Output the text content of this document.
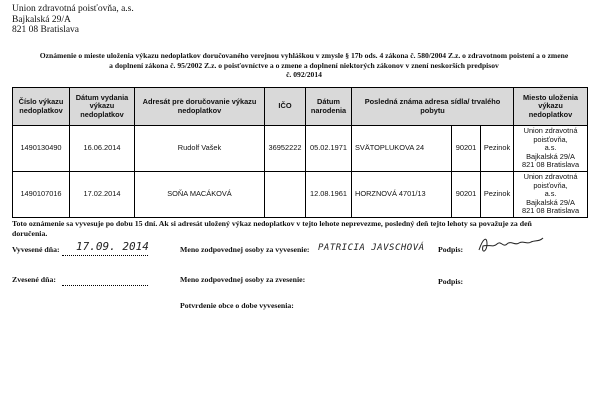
Union zdravotná poisťovňa, a.s.
Bajkalská 29/A
821 08 Bratislava
Oznámenie o mieste uloženia výkazu nedoplatkov doručovaného verejnou vyhláškou v zmysle § 17b ods. 4 zákona č. 580/2004 Z.z. o zdravotnom poistení a o zmene
a doplnení zákona č. 95/2002 Z.z. o poisťovníctve a o zmene a doplnení niektorých zákonov v znení neskorších predpisov
č. 092/2014
Číslo výkazu nedoplatkov	Dátum vydania výkazu nedoplatkov	Adresát pre doručovanie výkazu nedoplatkov	IČO	Dátum narodenia	Posledná známa adresa sídla/ trvalého pobytu			Miesto uloženia výkazu nedoplatkov
1490130490	16.06.2014	Rudolf Vašek	36952222	05.02.1971	SVÄTOPLUKOVA 24	90201	Pezinok	Union zdravotná poisťovňa,
a.s.
Bajkalská 29/A
821 08 Bratislava

1490107016	17.02.2014	SOŇA MACÁKOVÁ		12.08.1961	HORZNOVÁ 4701/13	90201	Pezinok	Union zdravotná poisťovňa,
a.s.
Bajkalská 29/A
821 08 Bratislava
Toto oznámenie sa vyvesuje po dobu 15 dní. Ak si adresát uložený výkaz nedoplatkov v tejto lehote neprevezme, posledný deň tejto lehoty sa považuje za deň
doručenia.
Vyvesené dňa: 17.09. 2014	Meno zodpovednej osoby za vyvesenie: PATRICIA JAVSCHOVÁ Podpis:
Zvesené dňa:	Meno zodpovednej osoby za zvesenie:	Podpis:
Potvrdenie obce o dobe vyvesenia:
